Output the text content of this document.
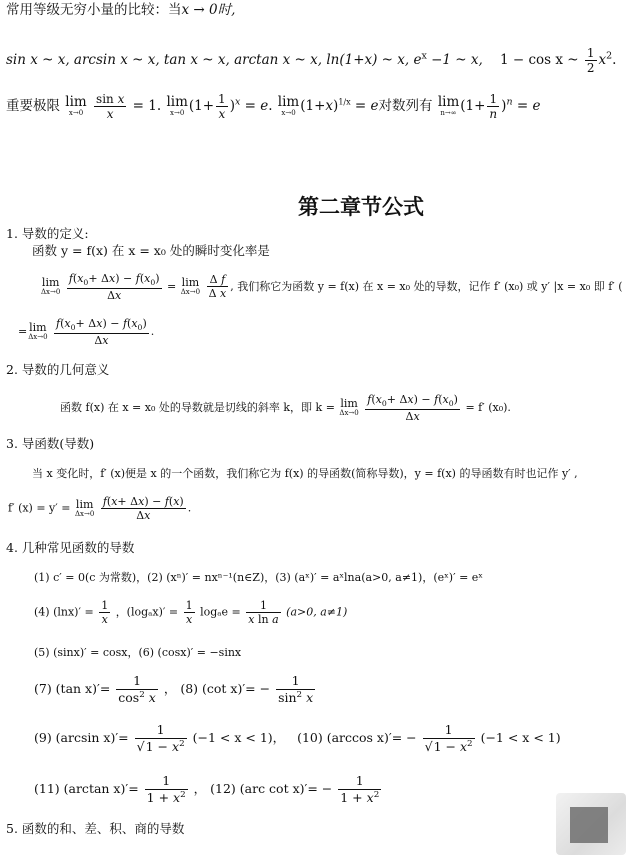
常用等级无穷小量的比较：当x → 0时,
sin x ~ x, arcsin x ~ x, tan x ~ x, arctan x ~ x, ln(1+x) ~ x, $e^x -1$ ~ x, 1 − cos x ~ $\frac{1}{2} x^2$.
重要极限 lim
x→0
$\frac{\text{sin x}}{x} = 1$. lim
x→0 $(1+ \frac{1}{x} )^x = e$. lim
x→0 $(1+x)^{1/x} = e$对数列有 lim
n→∞ $(1+ \frac{1}{n} )^n = e$
第二章节公式
1. 导数的定义:
函数 y = f(x) 在 x = x₀ 处的瞬时变化率是
lim
Δx→0
$\frac{f(x_0+ \Delta x) - f(x_0)}{\Delta x} = \lim$
Δx→0
$\frac{\text{Δ f}}{\text{Δ x}}$ , 我们称它为函数 y = f(x) 在 x = x₀ 处的导数，记作 f′ (x₀) 或 y′ |x = x₀ 即 f′ (
= lim
Δx→0
$\frac{f(x_0+ \Delta x) - f(x_0)}{\Delta x}$ .
2. 导数的几何意义
函数 f(x) 在 x = x₀ 处的导数就是切线的斜率 k，即 k = lim
Δx→0
$\frac{f(x_0+ \Delta x) - f(x_0)}{\Delta x} = f'$ (x₀).
3. 导函数(导数)
当 x 变化时，f′ (x)便是 x 的一个函数，我们称它为 f(x) 的导函数(简称导数)，y = f(x) 的导函数有时也记作 y′ ,
f′ (x) = y′ = lim
Δx→0
$\frac{f(x+ \Delta x) - f(x)}{\Delta x}$ .
4. 几种常见函数的导数
(1) c′ = 0(c 为常数)，(2) (xⁿ)′ = nxⁿ⁻¹(n∈Z)，(3) (aˣ)′ = aˣlna(a>0, a≠1)，(eˣ)′ = eˣ
(4) $(\ln x)' = \frac{1}{x}$ ，$(\log_ax)' = \frac{1}{x}$ $\log_ae = \frac{1}{\text{x ln a}} (a>0$, a≠1)
(5) (sinx)′ = cosx，(6) (cosx)′ = −sinx
(7) (tan $x)'= \frac{1}{\cos^2 x}$ ， (8) (cot $x)'= - \frac{1}{\sin^2 x}$
(9) (arcsin $x)'= \frac{1}{√1 - x^2} (-1 < x < 1)$， (10) (arccos $x)'= - \frac{1}{√1 - x^2} (-1 < x < 1)$
(11) (arctan $x)'= \frac{1}{1 + x^2}$ ， (12) (arc $\cot x)'= - \frac{1}{1 + x^2}$
5. 函数的和、差、积、商的导数
